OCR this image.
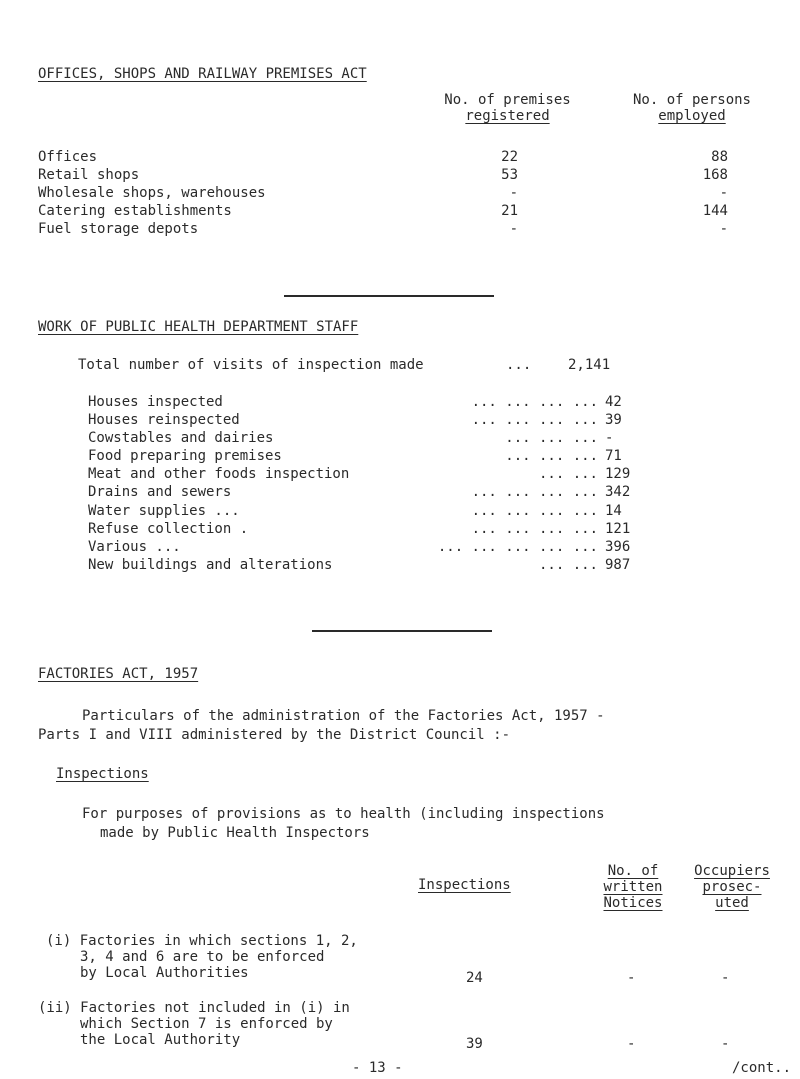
OFFICES, SHOPS AND RAILWAY PREMISES ACT
No. of premises
registered
No. of persons
employed
Offices	22	88
Retail shops	53	168
Wholesale shops, warehouses	-	-
Catering establishments	21	144
Fuel storage depots	-	-
WORK OF PUBLIC HEALTH DEPARTMENT STAFF
Total number of visits of inspection made	...	2,141
Houses inspected	... ... ... ... 42
Houses reinspected	... ... ... ... 39
Cowstables and dairies	... ... ... -
Food preparing premises	... ... ... 71
Meat and other foods inspection	... ... 129
Drains and sewers	... ... ... ... 342
Water supplies ...	... ... ... ... 14
Refuse collection .	... ... ... ... 121
Various ...	... ... ... ... ... 396
New buildings and alterations	... ... 987
FACTORIES ACT, 1957
Particulars of the administration of the Factories Act, 1957 -
Parts I and VIII administered by the District Council :-
Inspections
For purposes of provisions as to health (including inspections
made by Public Health Inspectors
Inspections
No. of
written
Notices
Occupiers
prosec-
uted
(i) Factories in which sections 1, 2,
3, 4 and 6 are to be enforced
by Local Authorities	24	-	-
(ii) Factories not included in (i) in
which Section 7 is enforced by
the Local Authority	39	-	-
/cont..
- 13 -
